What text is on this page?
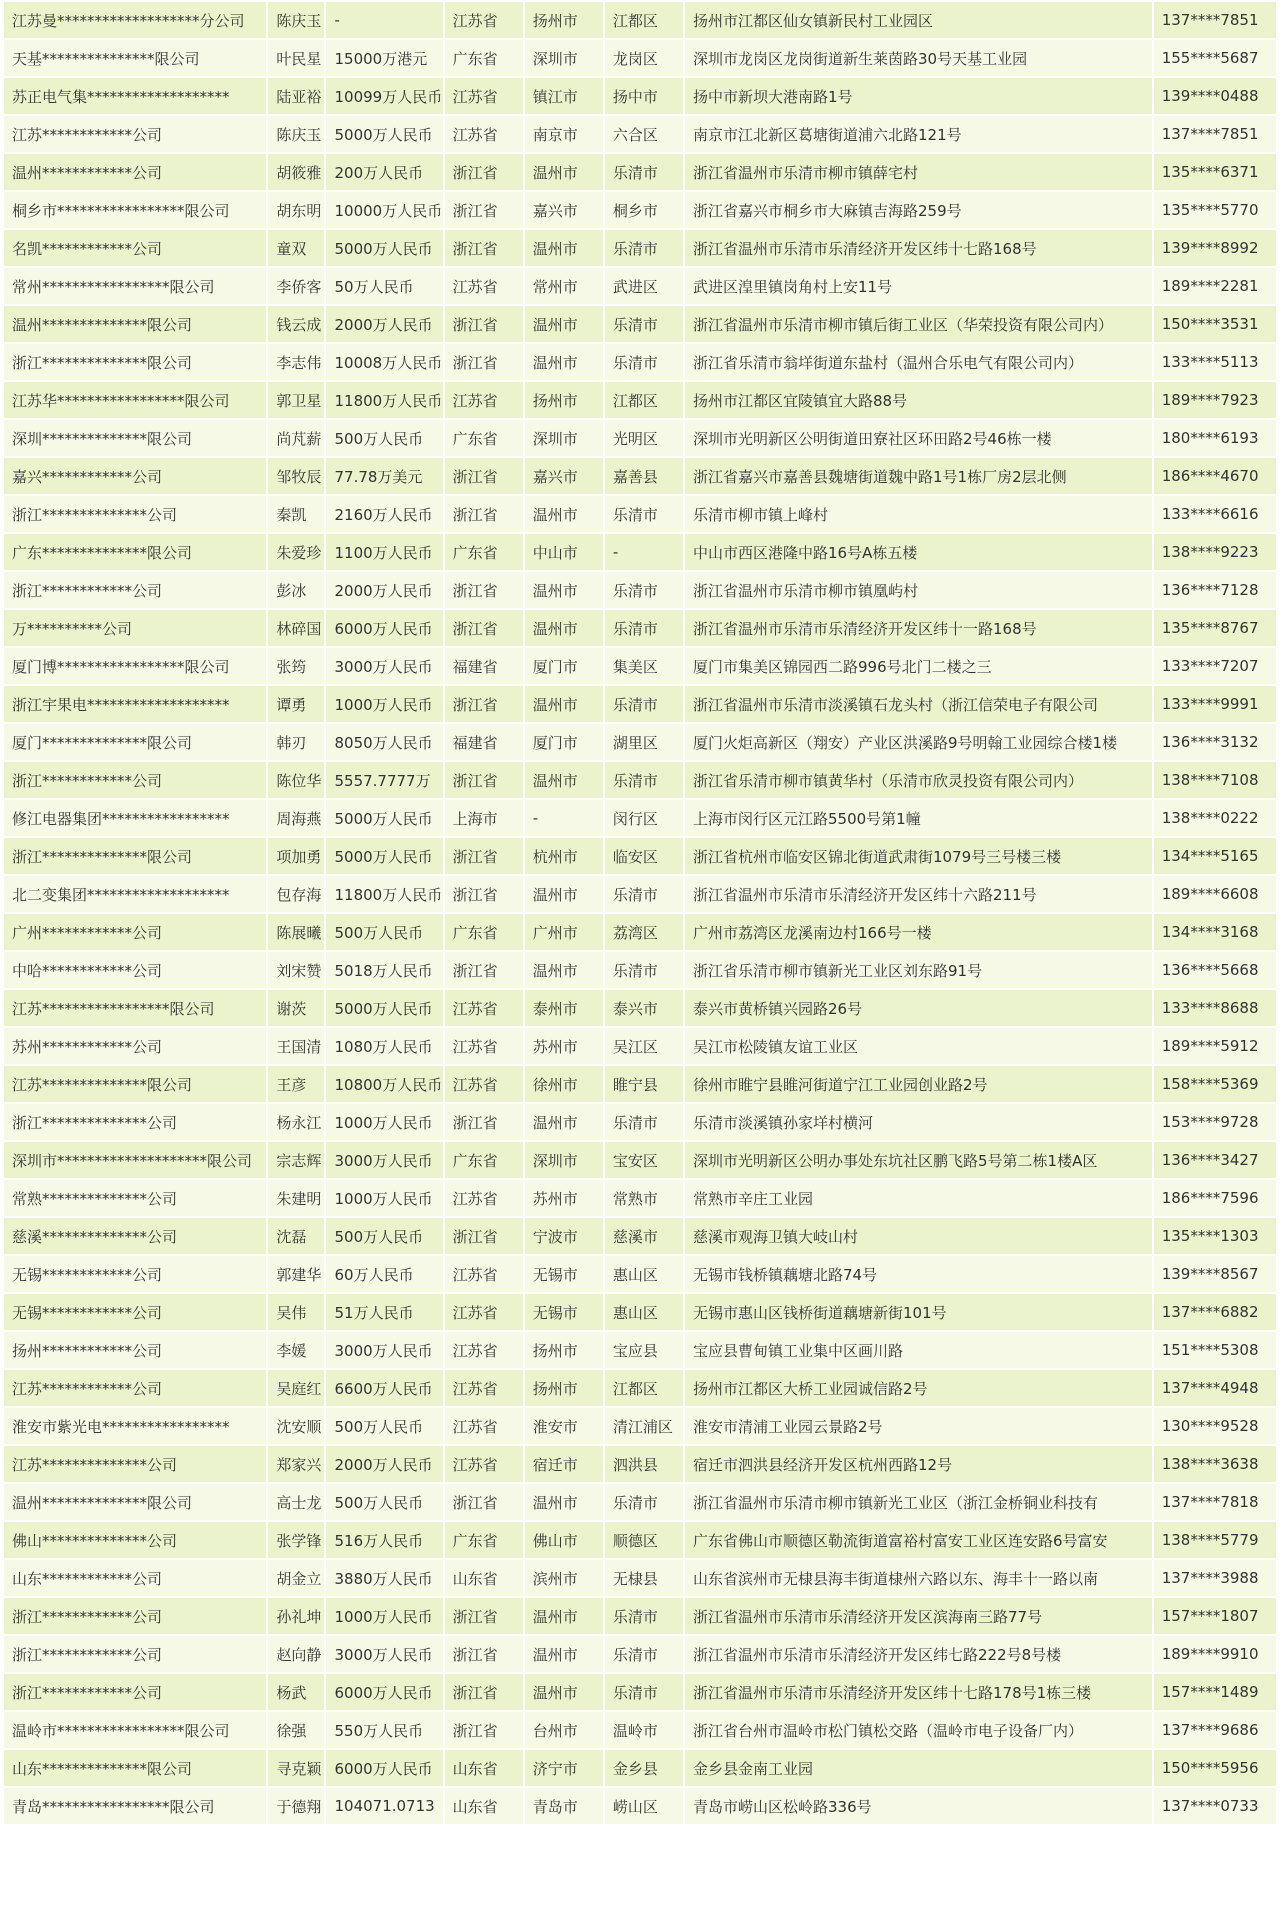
江苏曼*******************分公司	陈庆玉	-	江苏省	扬州市	江都区	扬州市江都区仙女镇新民村工业园区	137****7851
天基***************限公司	叶民星	15000万港元	广东省	深圳市	龙岗区	深圳市龙岗区龙岗街道新生莱茵路30号天基工业园	155****5687
苏正电气集*******************	陆亚裕	10099万人民币	江苏省	镇江市	扬中市	扬中市新坝大港南路1号	139****0488
江苏************公司	陈庆玉	5000万人民币	江苏省	南京市	六合区	南京市江北新区葛塘街道浦六北路121号	137****7851
温州************公司	胡筱雅	200万人民币	浙江省	温州市	乐清市	浙江省温州市乐清市柳市镇薛宅村	135****6371
桐乡市*****************限公司	胡东明	10000万人民币	浙江省	嘉兴市	桐乡市	浙江省嘉兴市桐乡市大麻镇吉海路259号	135****5770
名凯************公司	童双	5000万人民币	浙江省	温州市	乐清市	浙江省温州市乐清市乐清经济开发区纬十七路168号	139****8992
常州*****************限公司	李侨客	50万人民币	江苏省	常州市	武进区	武进区湟里镇岗角村上安11号	189****2281
温州**************限公司	钱云成	2000万人民币	浙江省	温州市	乐清市	浙江省温州市乐清市柳市镇后街工业区（华荣投资有限公司内）	150****3531
浙江**************限公司	李志伟	10008万人民币	浙江省	温州市	乐清市	浙江省乐清市翁垟街道东盐村（温州合乐电气有限公司内）	133****5113
江苏华*****************限公司	郭卫星	11800万人民币	江苏省	扬州市	江都区	扬州市江都区宜陵镇宜大路88号	189****7923
深圳**************限公司	尚芃薪	500万人民币	广东省	深圳市	光明区	深圳市光明新区公明街道田寮社区环田路2号46栋一楼	180****6193
嘉兴************公司	邹牧辰	77.78万美元	浙江省	嘉兴市	嘉善县	浙江省嘉兴市嘉善县魏塘街道魏中路1号1栋厂房2层北侧	186****4670
浙江**************公司	秦凯	2160万人民币	浙江省	温州市	乐清市	乐清市柳市镇上峰村	133****6616
广东**************限公司	朱爱珍	1100万人民币	广东省	中山市	-	中山市西区港隆中路16号A栋五楼	138****9223
浙江************公司	彭冰	2000万人民币	浙江省	温州市	乐清市	浙江省温州市乐清市柳市镇凰屿村	136****7128
万**********公司	林碎国	6000万人民币	浙江省	温州市	乐清市	浙江省温州市乐清市乐清经济开发区纬十一路168号	135****8767
厦门博*****************限公司	张筠	3000万人民币	福建省	厦门市	集美区	厦门市集美区锦园西二路996号北门二楼之三	133****7207
浙江宇果电*******************	谭勇	1000万人民币	浙江省	温州市	乐清市	浙江省温州市乐清市淡溪镇石龙头村（浙江信荣电子有限公司	133****9991
厦门**************限公司	韩刃	8050万人民币	福建省	厦门市	湖里区	厦门火炬高新区（翔安）产业区洪溪路9号明翰工业园综合楼1楼	136****3132
浙江************公司	陈位华	5557.7777万	浙江省	温州市	乐清市	浙江省乐清市柳市镇黄华村（乐清市欣灵投资有限公司内）	138****7108
修江电器集团*****************	周海燕	5000万人民币	上海市	-	闵行区	上海市闵行区元江路5500号第1幢	138****0222
浙江**************限公司	项加勇	5000万人民币	浙江省	杭州市	临安区	浙江省杭州市临安区锦北街道武肃街1079号三号楼三楼	134****5165
北二变集团*******************	包存海	11800万人民币	浙江省	温州市	乐清市	浙江省温州市乐清市乐清经济开发区纬十六路211号	189****6608
广州************公司	陈展曦	500万人民币	广东省	广州市	荔湾区	广州市荔湾区龙溪南边村166号一楼	134****3168
中哈************公司	刘宋赞	5018万人民币	浙江省	温州市	乐清市	浙江省乐清市柳市镇新光工业区刘东路91号	136****5668
江苏*****************限公司	谢茨	5000万人民币	江苏省	泰州市	泰兴市	泰兴市黄桥镇兴园路26号	133****8688
苏州************公司	王国清	1080万人民币	江苏省	苏州市	吴江区	吴江市松陵镇友谊工业区	189****5912
江苏**************限公司	王彦	10800万人民币	江苏省	徐州市	睢宁县	徐州市睢宁县睢河街道宁江工业园创业路2号	158****5369
浙江**************公司	杨永江	1000万人民币	浙江省	温州市	乐清市	乐清市淡溪镇孙家垟村横河	153****9728
深圳市********************限公司	宗志辉	3000万人民币	广东省	深圳市	宝安区	深圳市光明新区公明办事处东坑社区鹏飞路5号第二栋1楼A区	136****3427
常熟**************公司	朱建明	1000万人民币	江苏省	苏州市	常熟市	常熟市辛庄工业园	186****7596
慈溪**************公司	沈磊	500万人民币	浙江省	宁波市	慈溪市	慈溪市观海卫镇大岐山村	135****1303
无锡************公司	郭建华	60万人民币	江苏省	无锡市	惠山区	无锡市钱桥镇藕塘北路74号	139****8567
无锡************公司	吴伟	51万人民币	江苏省	无锡市	惠山区	无锡市惠山区钱桥街道藕塘新街101号	137****6882
扬州************公司	李媛	3000万人民币	江苏省	扬州市	宝应县	宝应县曹甸镇工业集中区画川路	151****5308
江苏************公司	吴庭红	6600万人民币	江苏省	扬州市	江都区	扬州市江都区大桥工业园诚信路2号	137****4948
淮安市紫光电*****************	沈安顺	500万人民币	江苏省	淮安市	清江浦区	淮安市清浦工业园云景路2号	130****9528
江苏**************公司	郑家兴	2000万人民币	江苏省	宿迁市	泗洪县	宿迁市泗洪县经济开发区杭州西路12号	138****3638
温州**************限公司	高士龙	500万人民币	浙江省	温州市	乐清市	浙江省温州市乐清市柳市镇新光工业区（浙江金桥铜业科技有	137****7818
佛山**************公司	张学锋	516万人民币	广东省	佛山市	顺德区	广东省佛山市顺德区勒流街道富裕村富安工业区连安路6号富安	138****5779
山东************公司	胡金立	3880万人民币	山东省	滨州市	无棣县	山东省滨州市无棣县海丰街道棣州六路以东、海丰十一路以南	137****3988
浙江************公司	孙礼坤	1000万人民币	浙江省	温州市	乐清市	浙江省温州市乐清市乐清经济开发区滨海南三路77号	157****1807
浙江************公司	赵向静	3000万人民币	浙江省	温州市	乐清市	浙江省温州市乐清市乐清经济开发区纬七路222号8号楼	189****9910
浙江************公司	杨武	6000万人民币	浙江省	温州市	乐清市	浙江省温州市乐清市乐清经济开发区纬十七路178号1栋三楼	157****1489
温岭市*****************限公司	徐强	550万人民币	浙江省	台州市	温岭市	浙江省台州市温岭市松门镇松交路（温岭市电子设备厂内）	137****9686
山东**************限公司	寻克颖	6000万人民币	山东省	济宁市	金乡县	金乡县金南工业园	150****5956
青岛*****************限公司	于德翔	104071.0713	山东省	青岛市	崂山区	青岛市崂山区松岭路336号	137****0733
